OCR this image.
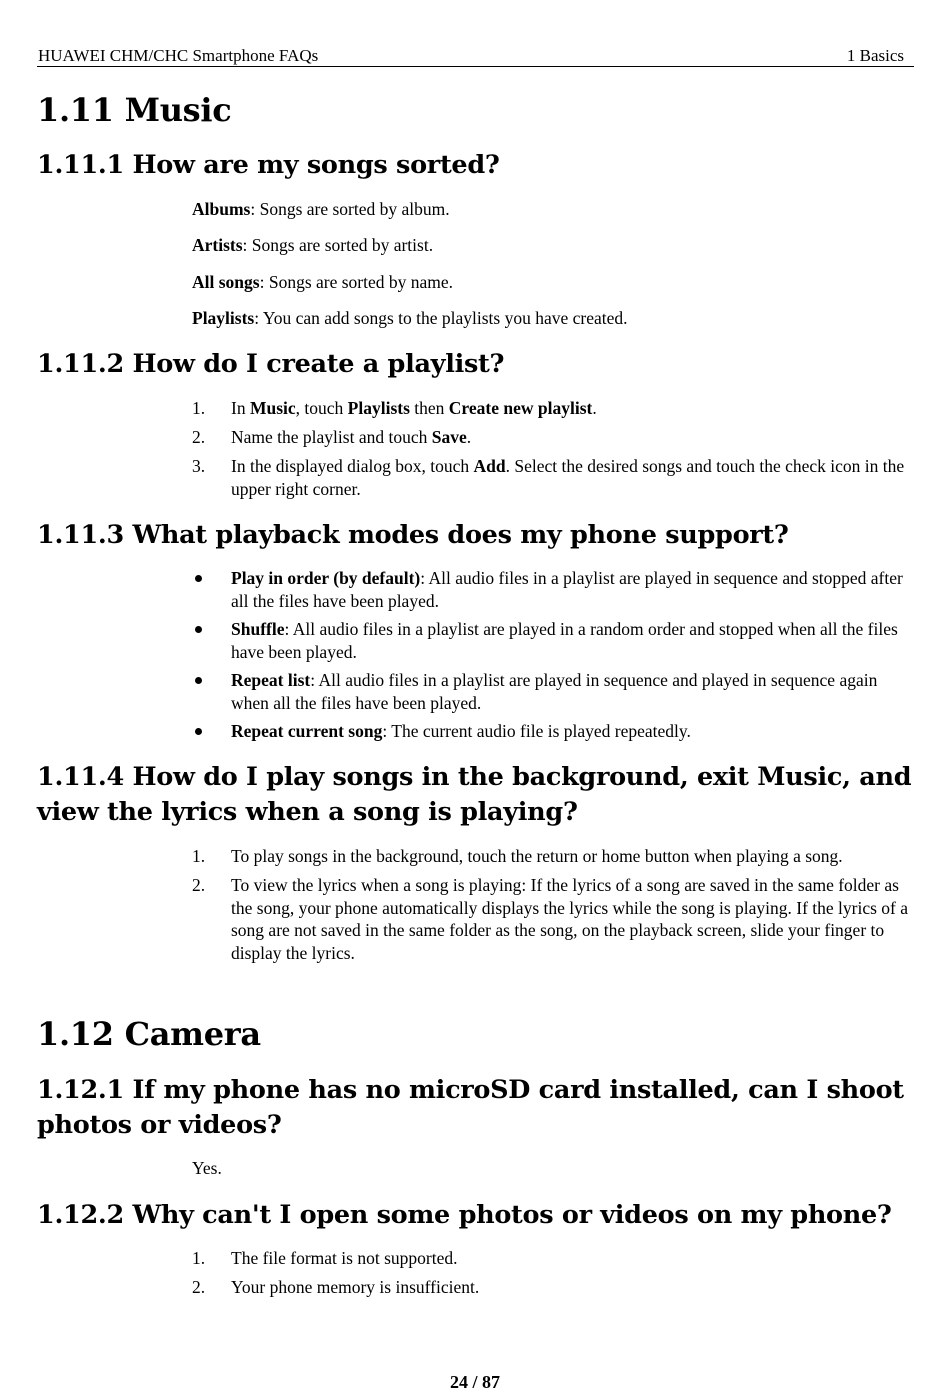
HUAWEI CHM/CHC Smartphone FAQs	1 Basics
1.11 Music
1.11.1 How are my songs sorted?
Albums: Songs are sorted by album.
Artists: Songs are sorted by artist.
All songs: Songs are sorted by name.
Playlists: You can add songs to the playlists you have created.
1.11.2 How do I create a playlist?
1. In Music, touch Playlists then Create new playlist.
2. Name the playlist and touch Save.
3. In the displayed dialog box, touch Add. Select the desired songs and touch the check icon in the upper right corner.
1.11.3 What playback modes does my phone support?
Play in order (by default): All audio files in a playlist are played in sequence and stopped after all the files have been played.
Shuffle: All audio files in a playlist are played in a random order and stopped when all the files have been played.
Repeat list: All audio files in a playlist are played in sequence and played in sequence again when all the files have been played.
Repeat current song: The current audio file is played repeatedly.
1.11.4 How do I play songs in the background, exit Music, and view the lyrics when a song is playing?
1. To play songs in the background, touch the return or home button when playing a song.
2. To view the lyrics when a song is playing: If the lyrics of a song are saved in the same folder as the song, your phone automatically displays the lyrics while the song is playing. If the lyrics of a song are not saved in the same folder as the song, on the playback screen, slide your finger to display the lyrics.
1.12 Camera
1.12.1 If my phone has no microSD card installed, can I shoot photos or videos?
Yes.
1.12.2 Why can't I open some photos or videos on my phone?
1. The file format is not supported.
2. Your phone memory is insufficient.
24 / 87
